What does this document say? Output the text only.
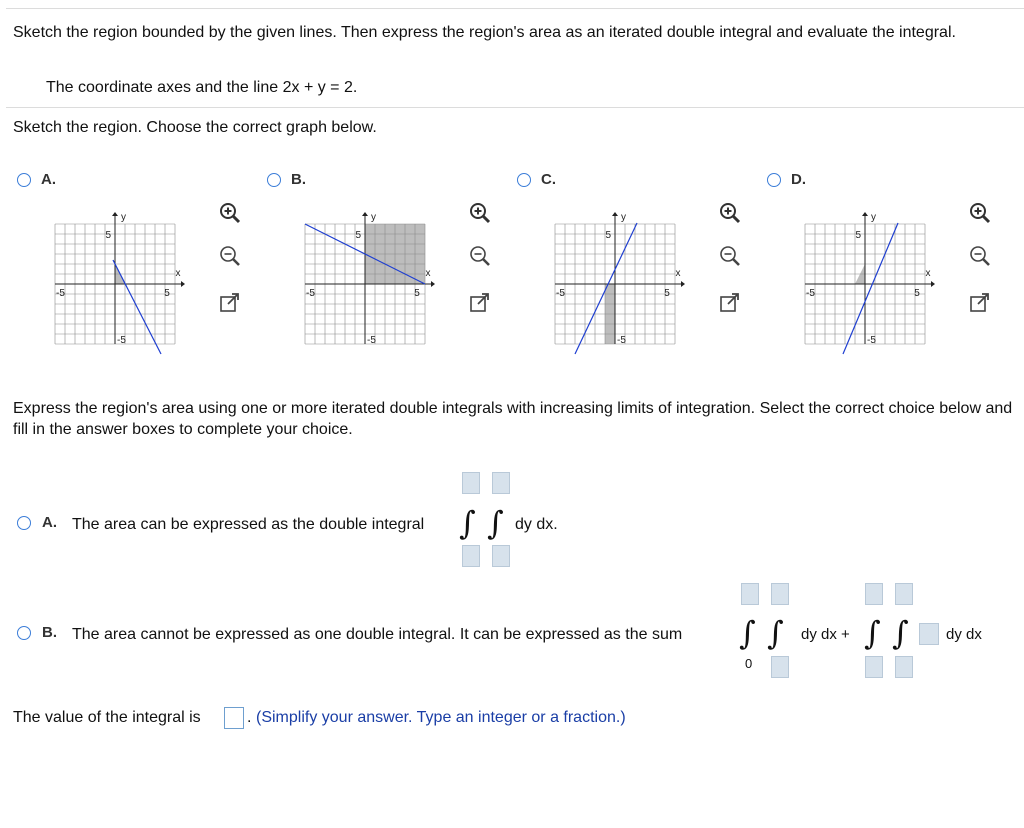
Sketch the region bounded by the given lines. Then express the region's area as an iterated double integral and evaluate the integral.
The coordinate axes and the line 2x + y = 2.
Sketch the region. Choose the correct graph below.
A.
5
-5	5
-5
x
y
B.
5
-5	5
-5
x
y
C.
5
-5	5
-5
x
y
D.
5
-5	5
-5
x
y
Express the region's area using one or more iterated double integrals with increasing limits of integration. Select the correct choice below and fill in the answer boxes to complete your choice.
A. The area can be expressed as the double integral ∫ ∫ dy dx.
B. The area cannot be expressed as one double integral. It can be expressed as the sum ∫ ∫ dy dx +
0
∫ ∫ dy dx
The value of the integral is	. (Simplify your answer. Type an integer or a fraction.)
